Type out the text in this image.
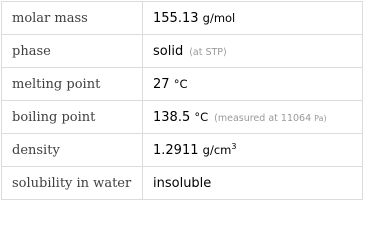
molar mass	155.13 g/mol
phase	solid (at STP)
melting point	27 °C
boiling point	138.5 °C (measured at 11064 Pa)
density	1.2911 $g/cm^3$
solubility in water	insoluble
